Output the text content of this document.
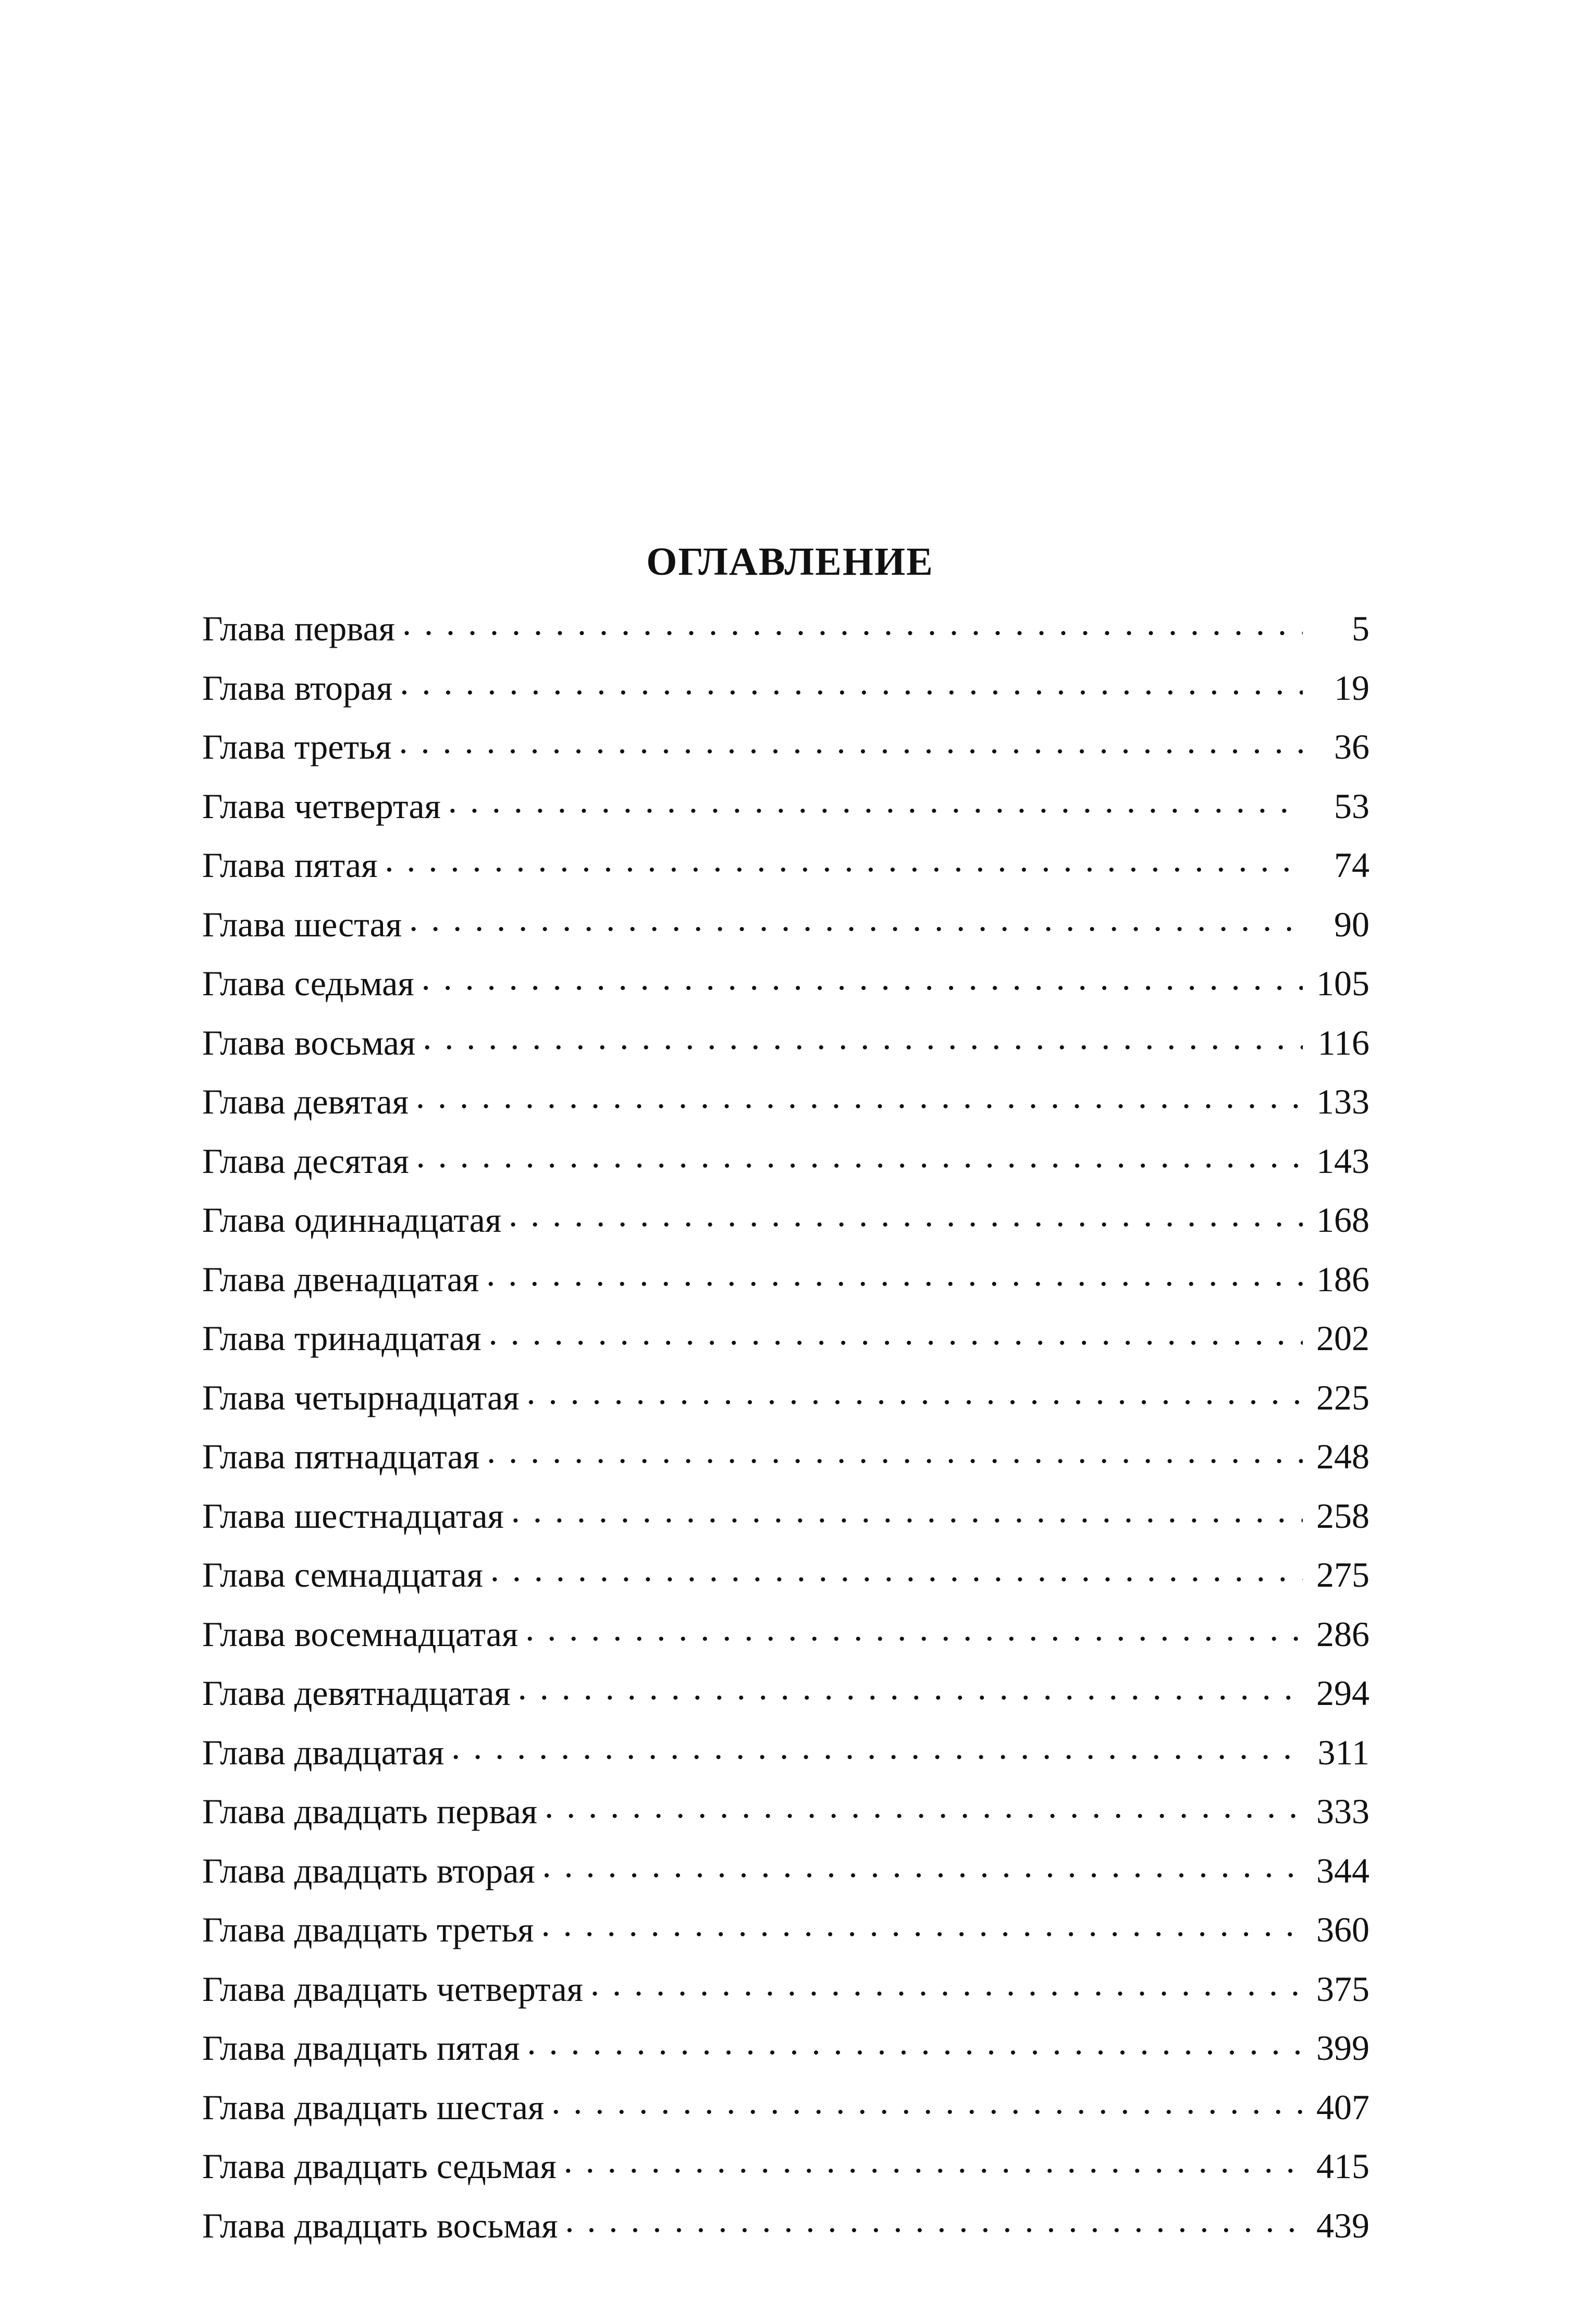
ОГЛАВЛЕНИЕ
Глава первая . . .	5
Глава вторая . . .	19
Глава третья . . .	36
Глава четвертая . . .	53
Глава пятая . . .	74
Глава шестая . . .	90
Глава седьмая . . .	105
Глава восьмая . . .	116
Глава девятая . . .	133
Глава десятая . . .	143
Глава одиннадцатая . . .	168
Глава двенадцатая . . .	186
Глава тринадцатая . . .	202
Глава четырнадцатая . . .	225
Глава пятнадцатая . . .	248
Глава шестнадцатая . . .	258
Глава семнадцатая . . .	275
Глава восемнадцатая . . .	286
Глава девятнадцатая . . .	294
Глава двадцатая . . .	311
Глава двадцать первая . . .	333
Глава двадцать вторая . . .	344
Глава двадцать третья . . .	360
Глава двадцать четвертая . . .	375
Глава двадцать пятая . . .	399
Глава двадцать шестая . . .	407
Глава двадцать седьмая . . .	415
Глава двадцать восьмая . . .	439
